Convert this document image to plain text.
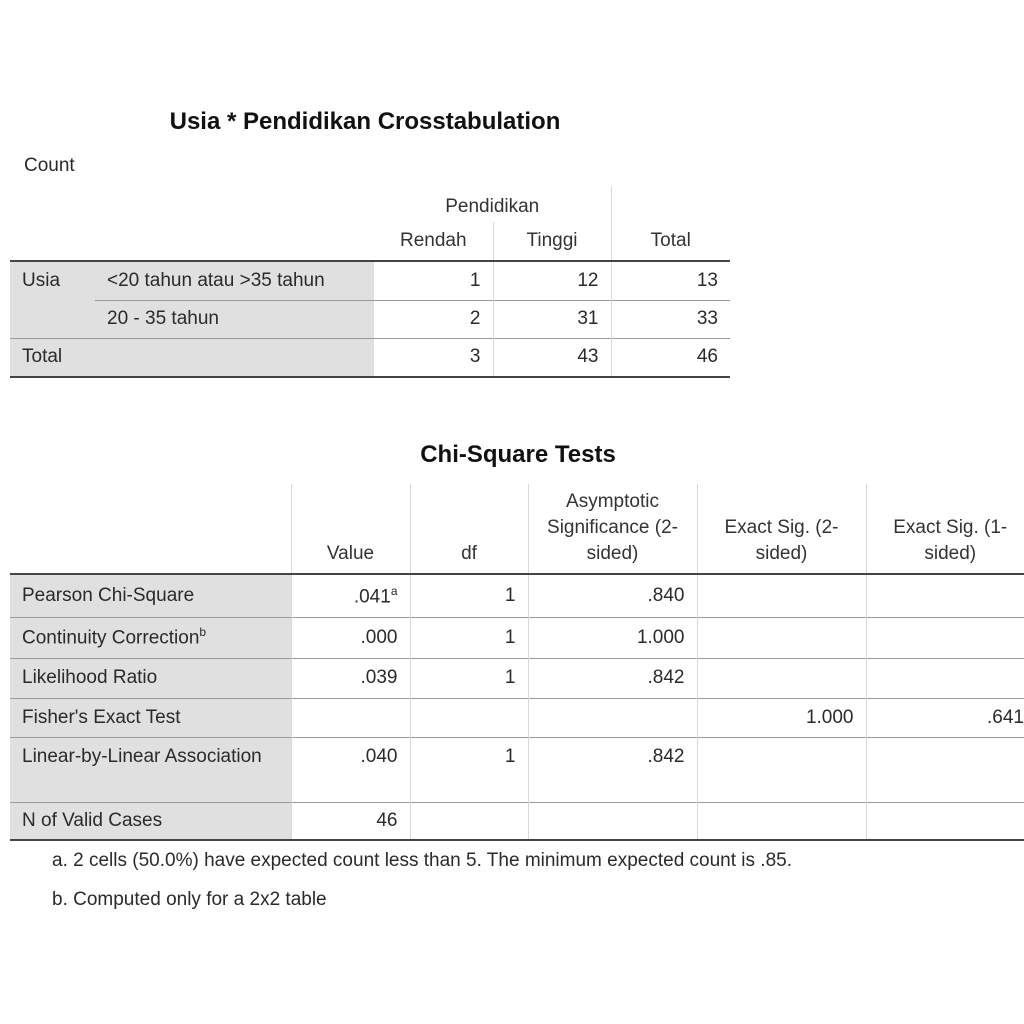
Usia * Pendidikan Crosstabulation
Count
		Pendidikan		Total
		Rendah	Tinggi	
Usia	<20 tahun atau >35 tahun	1	12	13
	20 - 35 tahun	2	31	33
Total		3	43	46
Chi-Square Tests
	Value	df	Asymptotic Significance (2-sided)	Exact Sig. (2-sided)	Exact Sig. (1-sided)
Pearson Chi-Square	.041$^a$	1	.840		
Continuity Correction$^b$	.000	1	1.000		
Likelihood Ratio	.039	1	.842		
Fisher's Exact Test				1.000	.641
Linear-by-Linear Association	.040	1	.842		
N of Valid Cases	46				
a. 2 cells (50.0%) have expected count less than 5. The minimum expected count is .85.
b. Computed only for a 2x2 table
